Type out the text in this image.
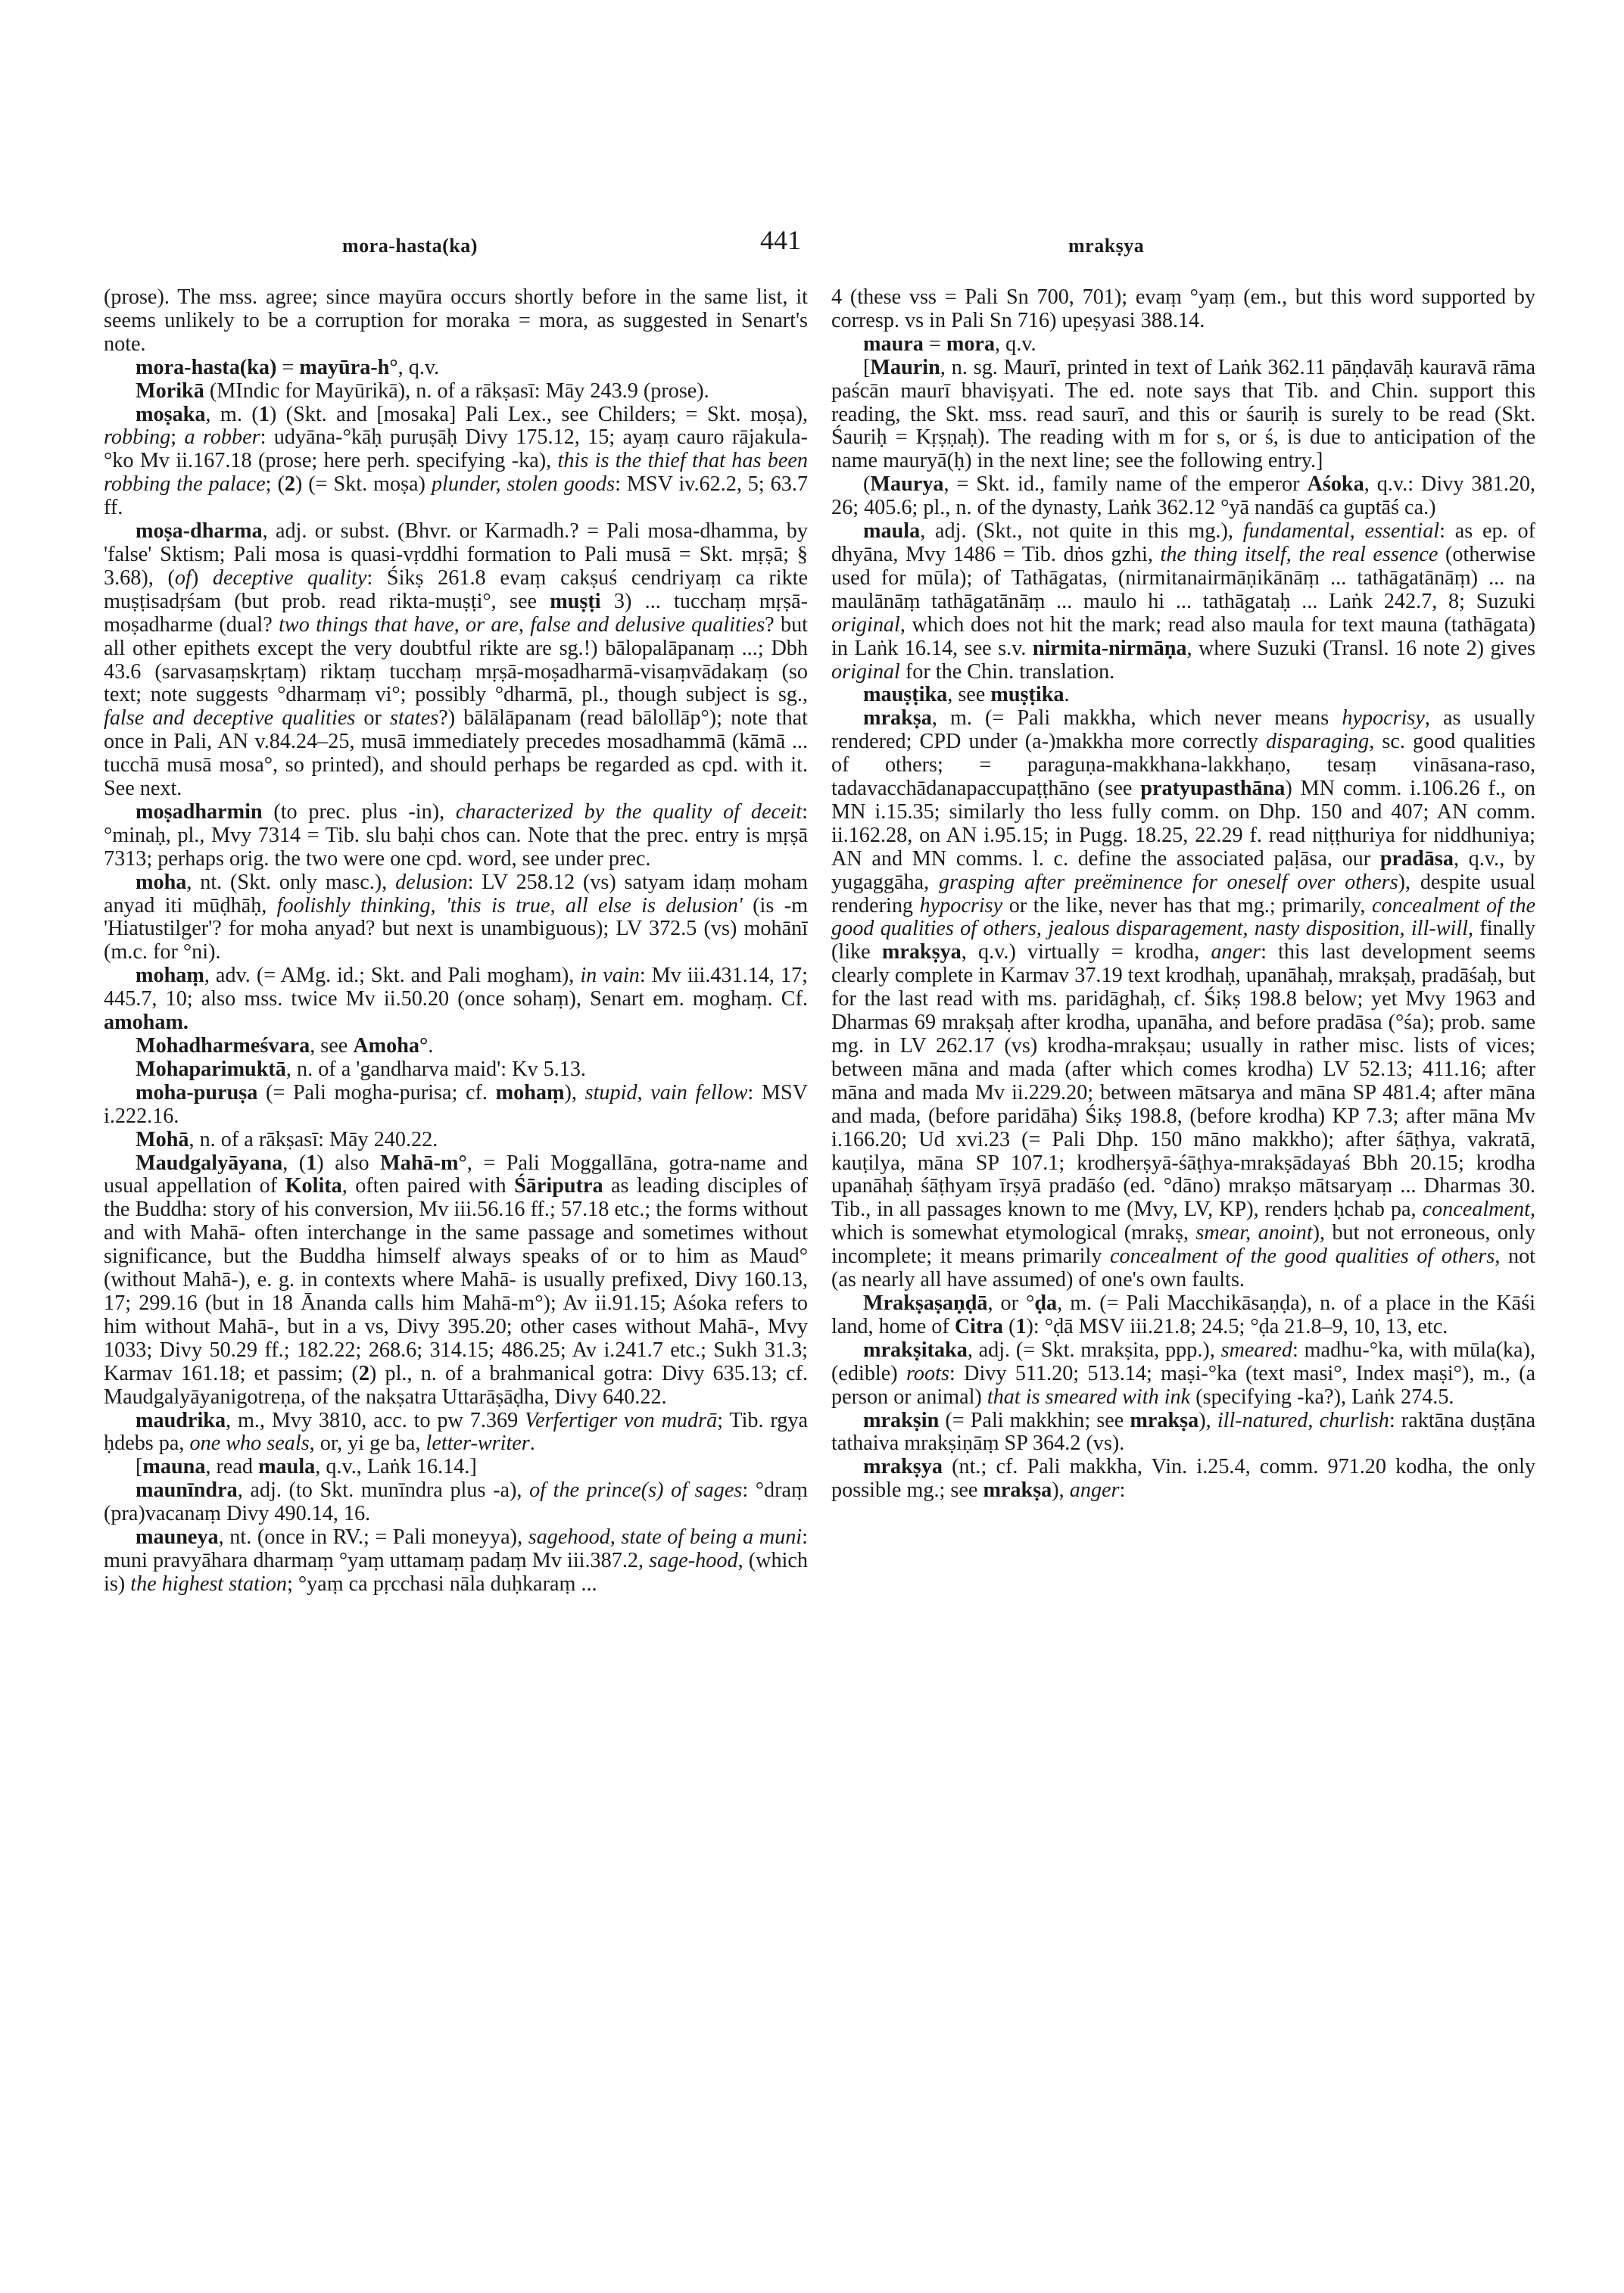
mora-hasta(ka)	441	mrakṣya

(prose). The mss. agree; since mayūra occurs shortly before in the same list, it seems unlikely to be a corruption for moraka = mora, as suggested in Senart's note.

mora-hasta(ka) = mayūra-h°, q.v.

Morikā (MIndic for Mayūrikā), n. of a rākṣasī: Māy 243.9 (prose).

moṣaka, m. (1) (Skt. and [mosaka] Pali Lex., see Childers; = Skt. moṣa), robbing; a robber: udyāna-°kāḥ puruṣāḥ Divy 175.12, 15; ayaṃ cauro rājakula-°ko Mv ii.167.18 (prose; here perh. specifying -ka), this is the thief that has been robbing the palace; (2) (= Skt. moṣa) plunder, stolen goods: MSV iv.62.2, 5; 63.7 ff.

moṣa-dharma, adj. or subst. (Bhvr. or Karmadh.? = Pali mosa-dhamma, by 'false' Sktism; Pali mosa is quasi-vṛddhi formation to Pali musā = Skt. mṛṣā; § 3.68), (of) deceptive quality: Śikṣ 261.8 evaṃ cakṣuś cendriyaṃ ca rikte muṣṭisadṛśam (but prob. read rikta-muṣṭi°, see muṣṭi 3) ... tucchaṃ mṛṣā-moṣadharme (dual? two things that have, or are, false and delusive qualities? but all other epithets except the very doubtful rikte are sg.!) bālopalāpanaṃ ...; Dbh 43.6 (sarvasaṃskṛtaṃ) riktaṃ tucchaṃ mṛṣā-moṣadharmā-visaṃvādakaṃ (so text; note suggests °dharmaṃ vi°; possibly °dharmā, pl., though subject is sg., false and deceptive qualities or states?) bālālāpanam (read bālollāp°); note that once in Pali, AN v.84.24–25, musā immediately precedes mosadhammā (kāmā ... tucchā musā mosa°, so printed), and should perhaps be regarded as cpd. with it. See next.

moṣadharmin (to prec. plus -in), characterized by the quality of deceit: °minaḥ, pl., Mvy 7314 = Tib. slu baḥi chos can. Note that the prec. entry is mṛṣā 7313; perhaps orig. the two were one cpd. word, see under prec.

moha, nt. (Skt. only masc.), delusion: LV 258.12 (vs) satyam idaṃ moham anyad iti mūḍhāḥ, foolishly thinking, 'this is true, all else is delusion' (is -m 'Hiatustilger'? for moha anyad? but next is unambiguous); LV 372.5 (vs) mohānī (m.c. for °ni).

mohaṃ, adv. (= AMg. id.; Skt. and Pali mogham), in vain: Mv iii.431.14, 17; 445.7, 10; also mss. twice Mv ii.50.20 (once sohaṃ), Senart em. moghaṃ. Cf. amoham.

Mohadharmeśvara, see Amoha°.

Mohaparimuktā, n. of a 'gandharva maid': Kv 5.13.

moha-puruṣa (= Pali mogha-purisa; cf. mohaṃ), stupid, vain fellow: MSV i.222.16.

Mohā, n. of a rākṣasī: Māy 240.22.

Maudgalyāyana, (1) also Mahā-m°, = Pali Moggallāna, gotra-name and usual appellation of Kolita, often paired with Śāriputra as leading disciples of the Buddha: story of his conversion, Mv iii.56.16 ff.; 57.18 etc.; the forms without and with Mahā- often interchange in the same passage and sometimes without significance, but the Buddha himself always speaks of or to him as Maud° (without Mahā-), e. g. in contexts where Mahā- is usually prefixed, Divy 160.13, 17; 299.16 (but in 18 Ānanda calls him Mahā-m°); Av ii.91.15; Aśoka refers to him without Mahā-, but in a vs, Divy 395.20; other cases without Mahā-, Mvy 1033; Divy 50.29 ff.; 182.22; 268.6; 314.15; 486.25; Av i.241.7 etc.; Sukh 31.3; Karmav 161.18; et passim; (2) pl., n. of a brahmanical gotra: Divy 635.13; cf. Maudgalyāyanigotreṇa, of the nakṣatra Uttarāṣāḍha, Divy 640.22.

maudrika, m., Mvy 3810, acc. to pw 7.369 Verfertiger von mudrā; Tib. rgya ḥdebs pa, one who seals, or, yi ge ba, letter-writer.

[mauna, read maula, q.v., Laṅk 16.14.]

maunīndra, adj. (to Skt. munīndra plus -a), of the prince(s) of sages: °draṃ (pra)vacanaṃ Divy 490.14, 16.

mauneya, nt. (once in RV.; = Pali moneyya), sagehood, state of being a muni: muni pravyāhara dharmaṃ °yaṃ uttamaṃ padaṃ Mv iii.387.2, sage-hood, (which is) the highest station; °yaṃ ca pṛcchasi nāla duḥkaraṃ ...

4 (these vss = Pali Sn 700, 701); evaṃ °yaṃ (em., but this word supported by corresp. vs in Pali Sn 716) upeṣyasi 388.14.

maura = mora, q.v.

[Maurin, n. sg. Maurī, printed in text of Laṅk 362.11 pāṇḍavāḥ kauravā rāma paścān maurī bhaviṣyati. The ed. note says that Tib. and Chin. support this reading, the Skt. mss. read saurī, and this or śauriḥ is surely to be read (Skt. Śauriḥ = Kṛṣṇaḥ). The reading with m for s, or ś, is due to anticipation of the name mauryā(ḥ) in the next line; see the following entry.]

(Maurya, = Skt. id., family name of the emperor Aśoka, q.v.: Divy 381.20, 26; 405.6; pl., n. of the dynasty, Laṅk 362.12 °yā nandāś ca guptāś ca.)

maula, adj. (Skt., not quite in this mg.), fundamental, essential: as ep. of dhyāna, Mvy 1486 = Tib. dṅos gzhi, the thing itself, the real essence (otherwise used for mūla); of Tathāgatas, (nirmitanairmāṇikānāṃ ... tathāgatānāṃ) ... na maulānāṃ tathāgatānāṃ ... maulo hi ... tathāgataḥ ... Laṅk 242.7, 8; Suzuki original, which does not hit the mark; read also maula for text mauna (tathāgata) in Laṅk 16.14, see s.v. nirmita-nirmāṇa, where Suzuki (Transl. 16 note 2) gives original for the Chin. translation.

mauṣṭika, see muṣṭika.

mrakṣa, m. (= Pali makkha, which never means hypocrisy, as usually rendered; CPD under (a-)makkha more correctly disparaging, sc. good qualities of others; = paraguṇa-makkhana-lakkhaṇo, tesaṃ vināsana-raso, tadavacchādanapaccupaṭṭhāno (see pratyupasthāna) MN comm. i.106.26 f., on MN i.15.35; similarly tho less fully comm. on Dhp. 150 and 407; AN comm. ii.162.28, on AN i.95.15; in Pugg. 18.25, 22.29 f. read niṭṭhuriya for niddhuniya; AN and MN comms. l. c. define the associated paḷāsa, our pradāsa, q.v., by yugaggāha, grasping after preëminence for oneself over others), despite usual rendering hypocrisy or the like, never has that mg.; primarily, concealment of the good qualities of others, jealous disparagement, nasty disposition, ill-will, finally (like mrakṣya, q.v.) virtually = krodha, anger: this last development seems clearly complete in Karmav 37.19 text krodhaḥ, upanāhaḥ, mrakṣaḥ, pradāśaḥ, but for the last read with ms. paridāghaḥ, cf. Śikṣ 198.8 below; yet Mvy 1963 and Dharmas 69 mrakṣaḥ after krodha, upanāha, and before pradāsa (°śa); prob. same mg. in LV 262.17 (vs) krodha-mrakṣau; usually in rather misc. lists of vices; between māna and mada (after which comes krodha) LV 52.13; 411.16; after māna and mada Mv ii.229.20; between mātsarya and māna SP 481.4; after māna and mada, (before paridāha) Śikṣ 198.8, (before krodha) KP 7.3; after māna Mv i.166.20; Ud xvi.23 (= Pali Dhp. 150 māno makkho); after śāṭhya, vakratā, kauṭilya, māna SP 107.1; krodherṣyā-śāṭhya-mrakṣādayaś Bbh 20.15; krodha upanāhaḥ śāṭhyam īrṣyā pradāśo (ed. °dāno) mrakṣo mātsaryaṃ ... Dharmas 30. Tib., in all passages known to me (Mvy, LV, KP), renders ḥchab pa, concealment, which is somewhat etymological (mrakṣ, smear, anoint), but not erroneous, only incomplete; it means primarily concealment of the good qualities of others, not (as nearly all have assumed) of one's own faults.

Mrakṣaṣaṇḍā, or °ḍa, m. (= Pali Macchikāsaṇḍa), n. of a place in the Kāśi land, home of Citra (1): °ḍā MSV iii.21.8; 24.5; °ḍa 21.8–9, 10, 13, etc.

mrakṣitaka, adj. (= Skt. mrakṣita, ppp.), smeared: madhu-°ka, with mūla(ka), (edible) roots: Divy 511.20; 513.14; maṣi-°ka (text masi°, Index maṣi°), m., (a person or animal) that is smeared with ink (specifying -ka?), Laṅk 274.5.

mrakṣin (= Pali makkhin; see mrakṣa), ill-natured, churlish: raktāna duṣṭāna tathaiva mrakṣiṇāṃ SP 364.2 (vs).

mrakṣya (nt.; cf. Pali makkha, Vin. i.25.4, comm. 971.20 kodha, the only possible mg.; see mrakṣa), anger:
